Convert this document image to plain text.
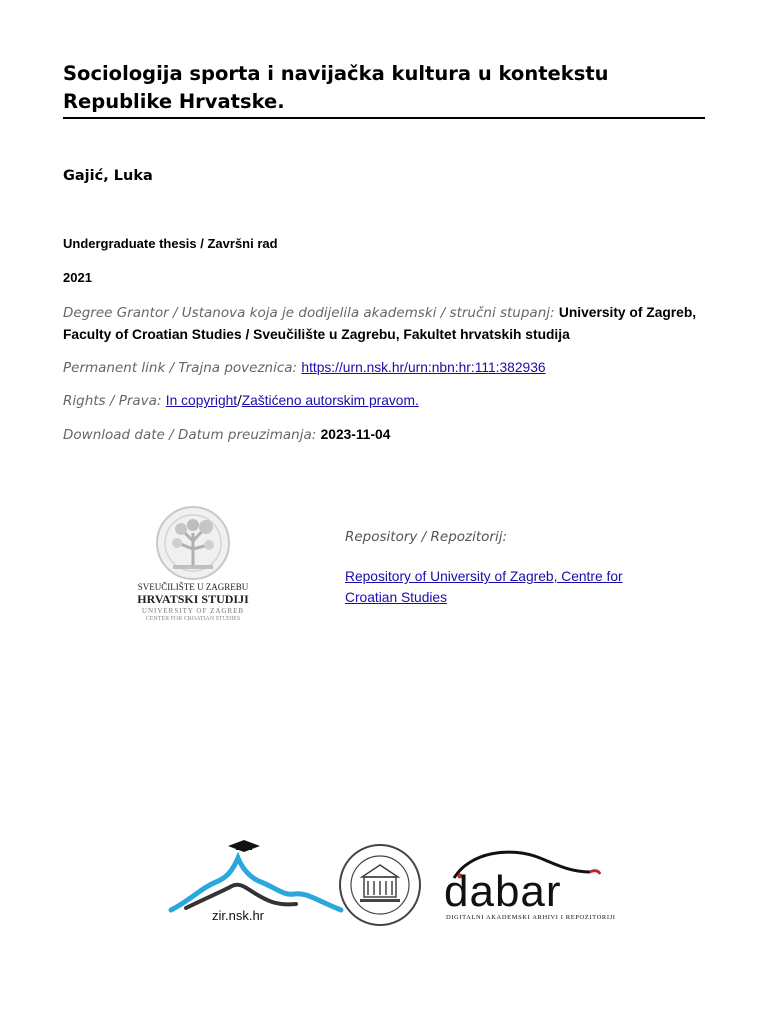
Sociologija sporta i navijačka kultura u kontekstu Republike Hrvatske.
Gajić, Luka
Undergraduate thesis / Završni rad
2021
Degree Grantor / Ustanova koja je dodijelila akademski / stručni stupanj: University of Zagreb, Faculty of Croatian Studies / Sveučilište u Zagrebu, Fakultet hrvatskih studija
Permanent link / Trajna poveznica: https://urn.nsk.hr/urn:nbn:hr:111:382936
Rights / Prava: In copyright/Zaštićeno autorskim pravom.
Download date / Datum preuzimanja: 2023-11-04
SVEUČILIŠTE U ZAGREBU
HRVATSKI STUDIJI
UNIVERSITY OF ZAGREB
CENTER FOR CROATIAN STUDIES
Repository / Repozitorij:
Repository of University of Zagreb, Centre for Croatian Studies
zir.nsk.hr	dabar
DIGITALNI AKADEMSKI ARHIVI I REPOZITORIJI
